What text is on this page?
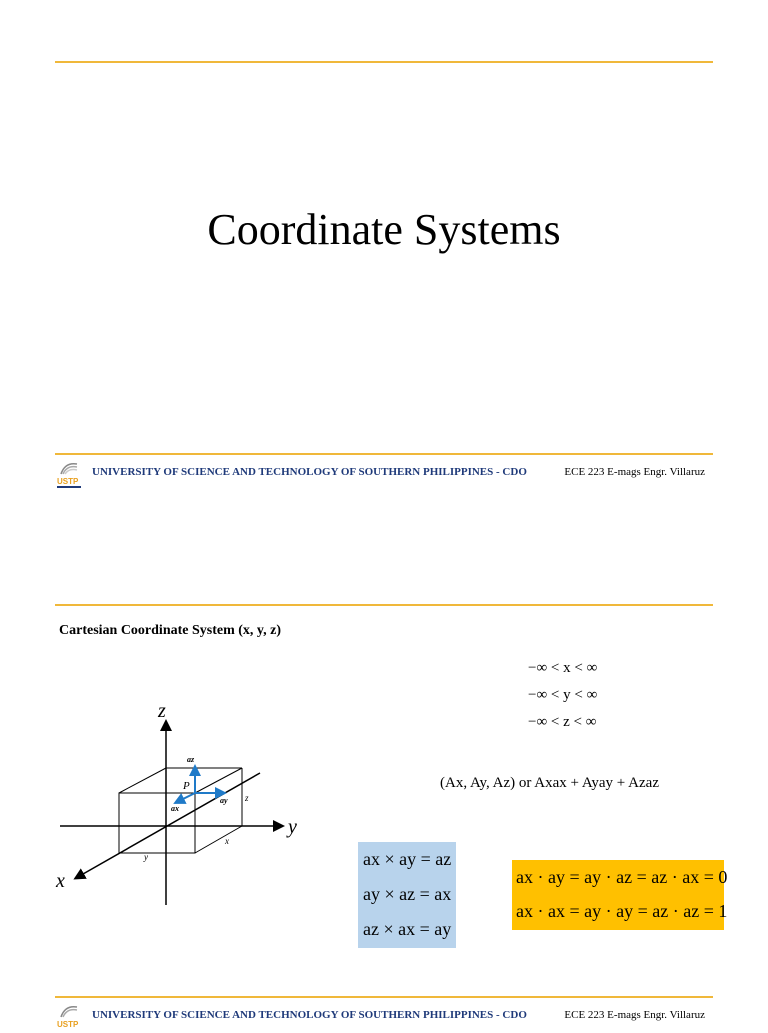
Coordinate Systems
USTP
UNIVERSITY OF SCIENCE AND TECHNOLOGY OF SOUTHERN PHILIPPINES - CDO	ECE 223 E-mags Engr. Villaruz
Cartesian Coordinate System (x, y, z)
−∞ < x < ∞
−∞ < y < ∞
−∞ < z < ∞
(Ax, Ay, Az) or Axax + Ayay + Azaz
z
y
x
P
az
ay
ax
x
y
z
ax × ay = az
ay × az = ax
az × ax = ay
ax · ay = ay · az = az · ax = 0
ax · ax = ay · ay = az · az = 1
USTP
UNIVERSITY OF SCIENCE AND TECHNOLOGY OF SOUTHERN PHILIPPINES - CDO	ECE 223 E-mags Engr. Villaruz
